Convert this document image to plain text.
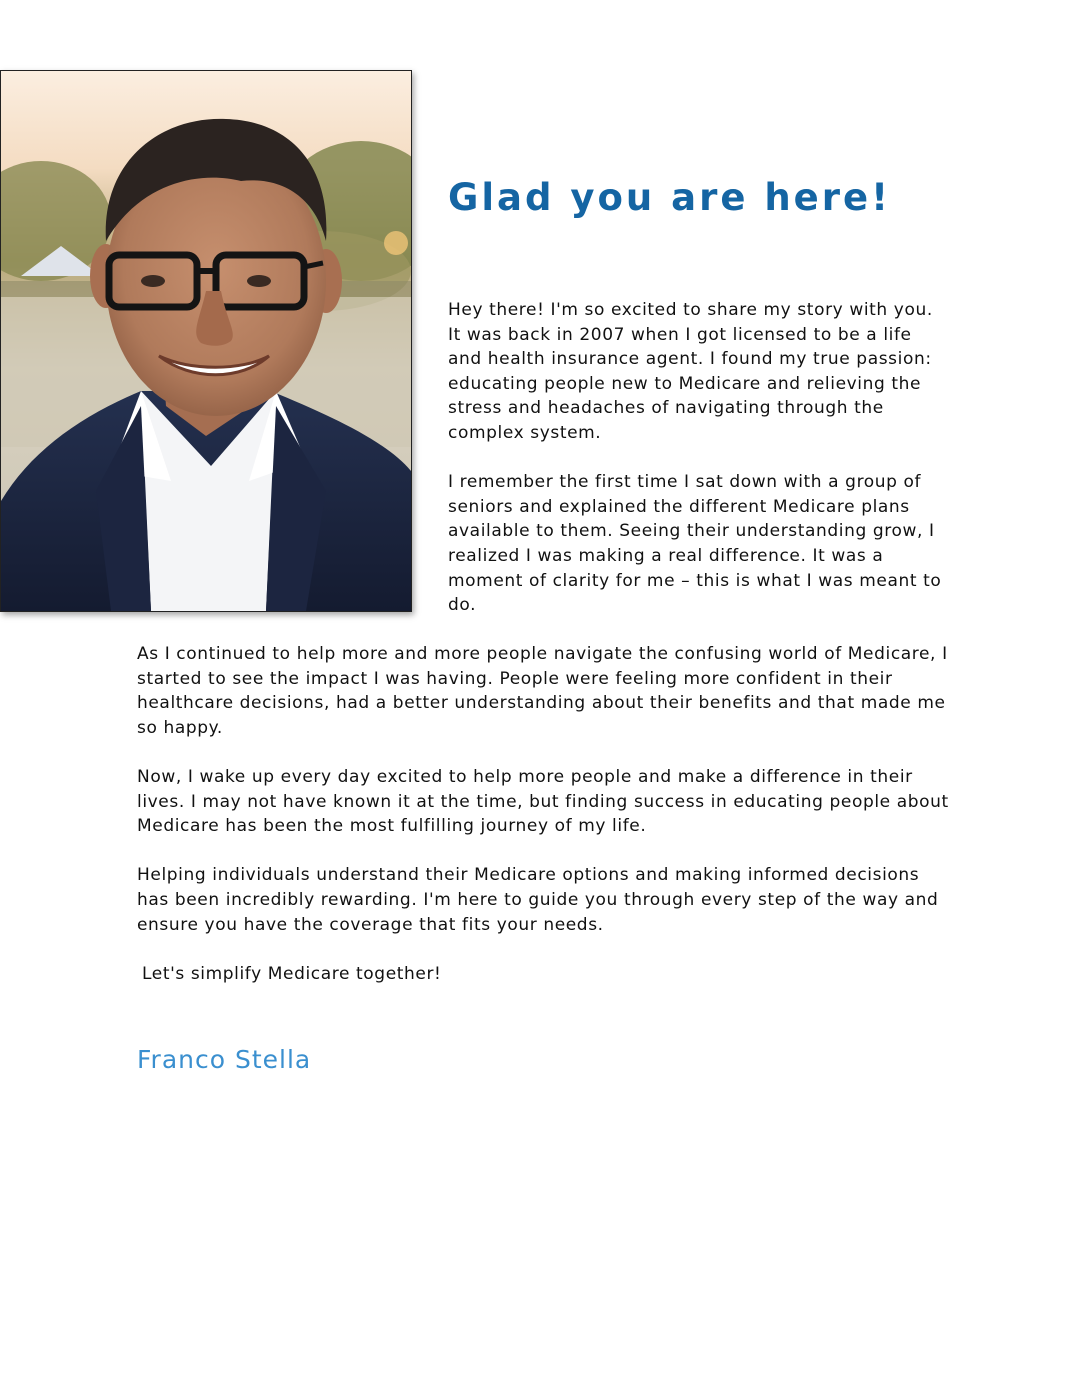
Glad you are here!

Hey there! I'm so excited to share my story with you. It was back in 2007 when I got licensed to be a life and health insurance agent. I found my true passion: educating people new to Medicare and relieving the stress and headaches of navigating through the complex system.

I remember the first time I sat down with a group of seniors and explained the different Medicare plans available to them. Seeing their understanding grow, I realized I was making a real difference. It was a moment of clarity for me – this is what I was meant to do.

As I continued to help more and more people navigate the confusing world of Medicare, I started to see the impact I was having. People were feeling more confident in their healthcare decisions, had a better understanding about their benefits and that made me so happy.

Now, I wake up every day excited to help more people and make a difference in their lives. I may not have known it at the time, but finding success in educating people about Medicare has been the most fulfilling journey of my life.

Helping individuals understand their Medicare options and making informed decisions has been incredibly rewarding. I'm here to guide you through every step of the way and ensure you have the coverage that fits your needs.

Let's simplify Medicare together!

Franco Stella
